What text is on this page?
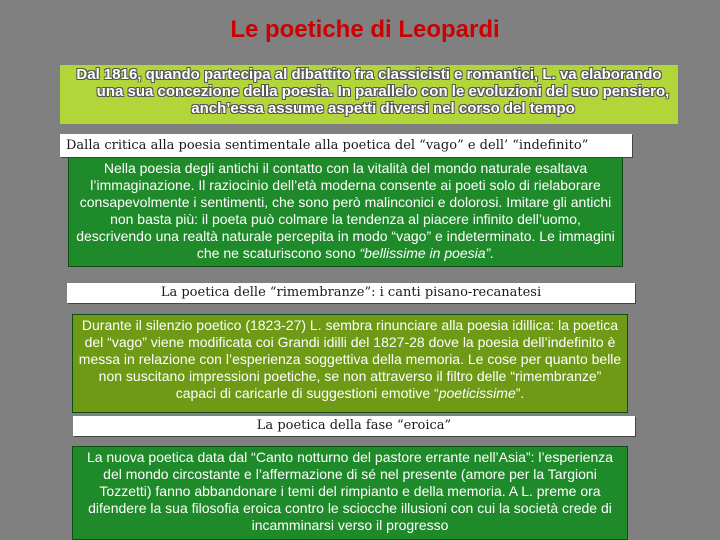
Le poetiche di Leopardi
Dal 1816, quando partecipa al dibattito fra classicisti e romantici, L. va elaborando una sua concezione della poesia. In parallelo con le evoluzioni del suo pensiero, anch’essa assume aspetti diversi nel corso del tempo

Nella poesia degli antichi il contatto con la vitalità del mondo naturale esaltava l’immaginazione. Il raziocinio dell’età moderna consente ai poeti solo di rielaborare consapevolmente i sentimenti, che sono però malinconici e dolorosi. Imitare gli antichi non basta più: il poeta può colmare la tendenza al piacere infinito dell’uomo, descrivendo una realtà naturale percepita in modo “vago” e indeterminato. Le immagini che ne scaturiscono sono “bellissime in poesia”.

Dalla critica alla poesia sentimentale alla poetica del “vago” e dell’ “indefinito”
La poetica delle “rimembranze”: i canti pisano-recanatesi

Durante il silenzio poetico (1823-27) L. sembra rinunciare alla poesia idillica: la poetica del “vago” viene modificata coi Grandi idilli del 1827-28 dove la poesia dell’indefinito è messa in relazione con l’esperienza soggettiva della memoria. Le cose per quanto belle non suscitano impressioni poetiche, se non attraverso il filtro delle “rimembranze” capaci di caricarle di suggestioni emotive “poeticissime”.

La poetica della fase “eroica”

La nuova poetica data dal “Canto notturno del pastore errante nell’Asia”: l’esperienza del mondo circostante e l’affermazione di sé nel presente (amore per la Targioni Tozzetti) fanno abbandonare i temi del rimpianto e della memoria. A L. preme ora difendere la sua filosofia eroica contro le sciocche illusioni con cui la società crede di incamminarsi verso il progresso
